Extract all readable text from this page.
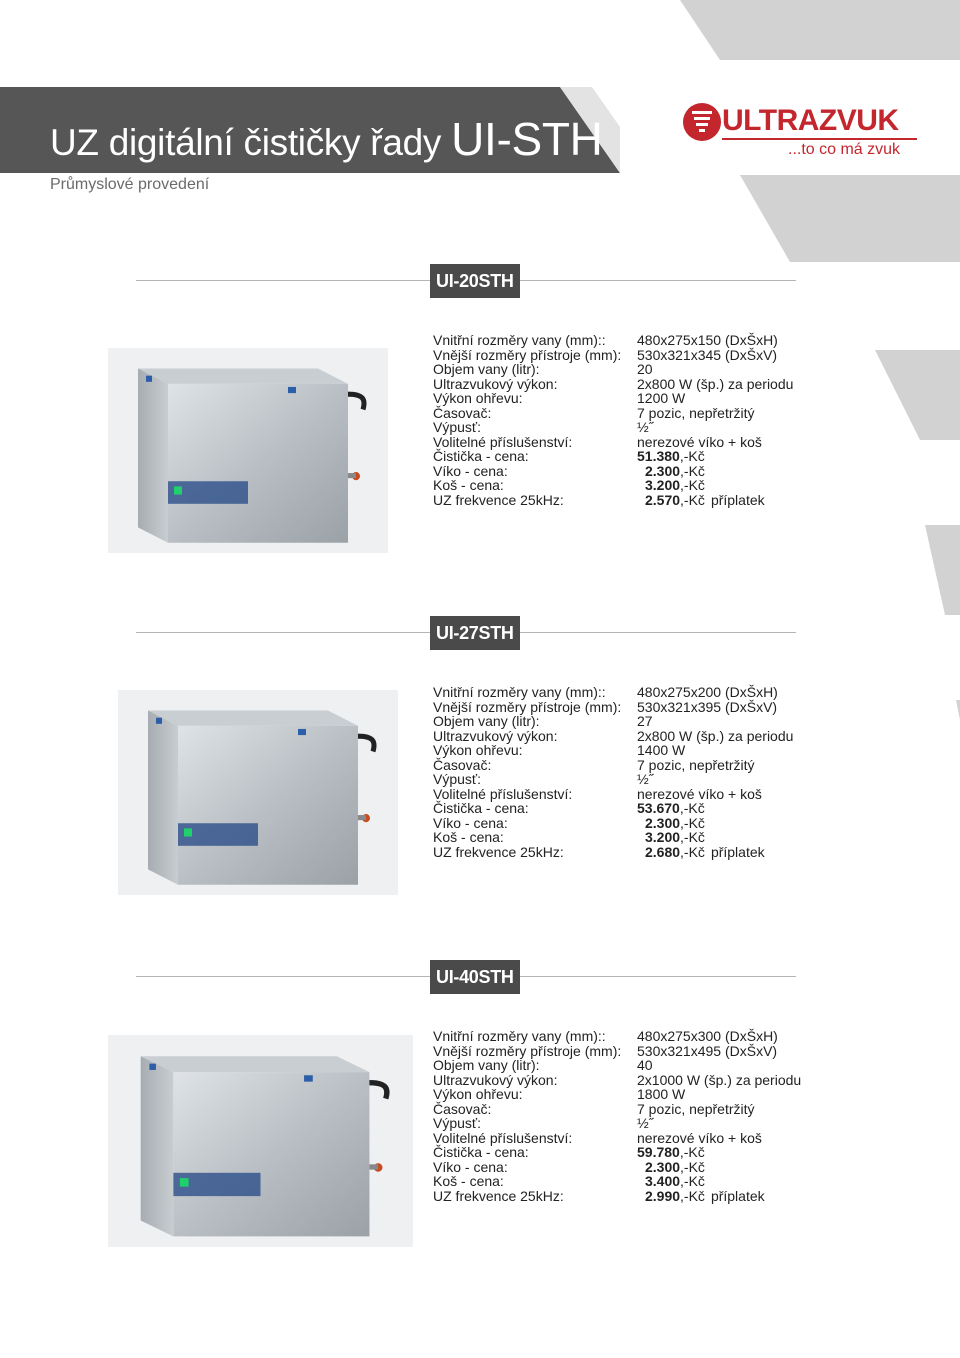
UZ digitální čističky řady UI-STH
Průmyslové provedení
ULTRAZVUK
...to co má zvuk
UI-20STH
Vnitřní rozměry vany (mm):: 480x275x150 (DxŠxH)
Vnější rozměry přístroje (mm): 530x321x345 (DxŠxV)
Objem vany (litr):	20
Ultrazvukový výkon:	2x800 W (šp.) za periodu
Výkon ohřevu:	1200 W
Časovač:	7 pozic, nepřetržitý
Výpusť:	½˝
Volitelné příslušenství:	nerezové víko + koš
Čistička - cena:	51.380,-Kč
Víko - cena:	2.300,-Kč
Koš - cena:	3.200,-Kč
UZ frekvence 25kHz:	2.570,-Kč příplatek
UI-27STH
Vnitřní rozměry vany (mm):: 480x275x200 (DxŠxH)
Vnější rozměry přístroje (mm): 530x321x395 (DxŠxV)
Objem vany (litr):	27
Ultrazvukový výkon:	2x800 W (šp.) za periodu
Výkon ohřevu:	1400 W
Časovač:	7 pozic, nepřetržitý
Výpusť:	½˝
Volitelné příslušenství:	nerezové víko + koš
Čistička - cena:	53.670,-Kč
Víko - cena:	2.300,-Kč
Koš - cena:	3.200,-Kč
UZ frekvence 25kHz:	2.680,-Kč příplatek
UI-40STH
Vnitřní rozměry vany (mm):: 480x275x300 (DxŠxH)
Vnější rozměry přístroje (mm): 530x321x495 (DxŠxV)
Objem vany (litr):	40
Ultrazvukový výkon:	2x1000 W (šp.) za periodu
Výkon ohřevu:	1800 W
Časovač:	7 pozic, nepřetržitý
Výpusť:	½˝
Volitelné příslušenství:	nerezové víko + koš
Čistička - cena:	59.780,-Kč
Víko - cena:	2.300,-Kč
Koš - cena:	3.400,-Kč
UZ frekvence 25kHz:	2.990,-Kč příplatek
